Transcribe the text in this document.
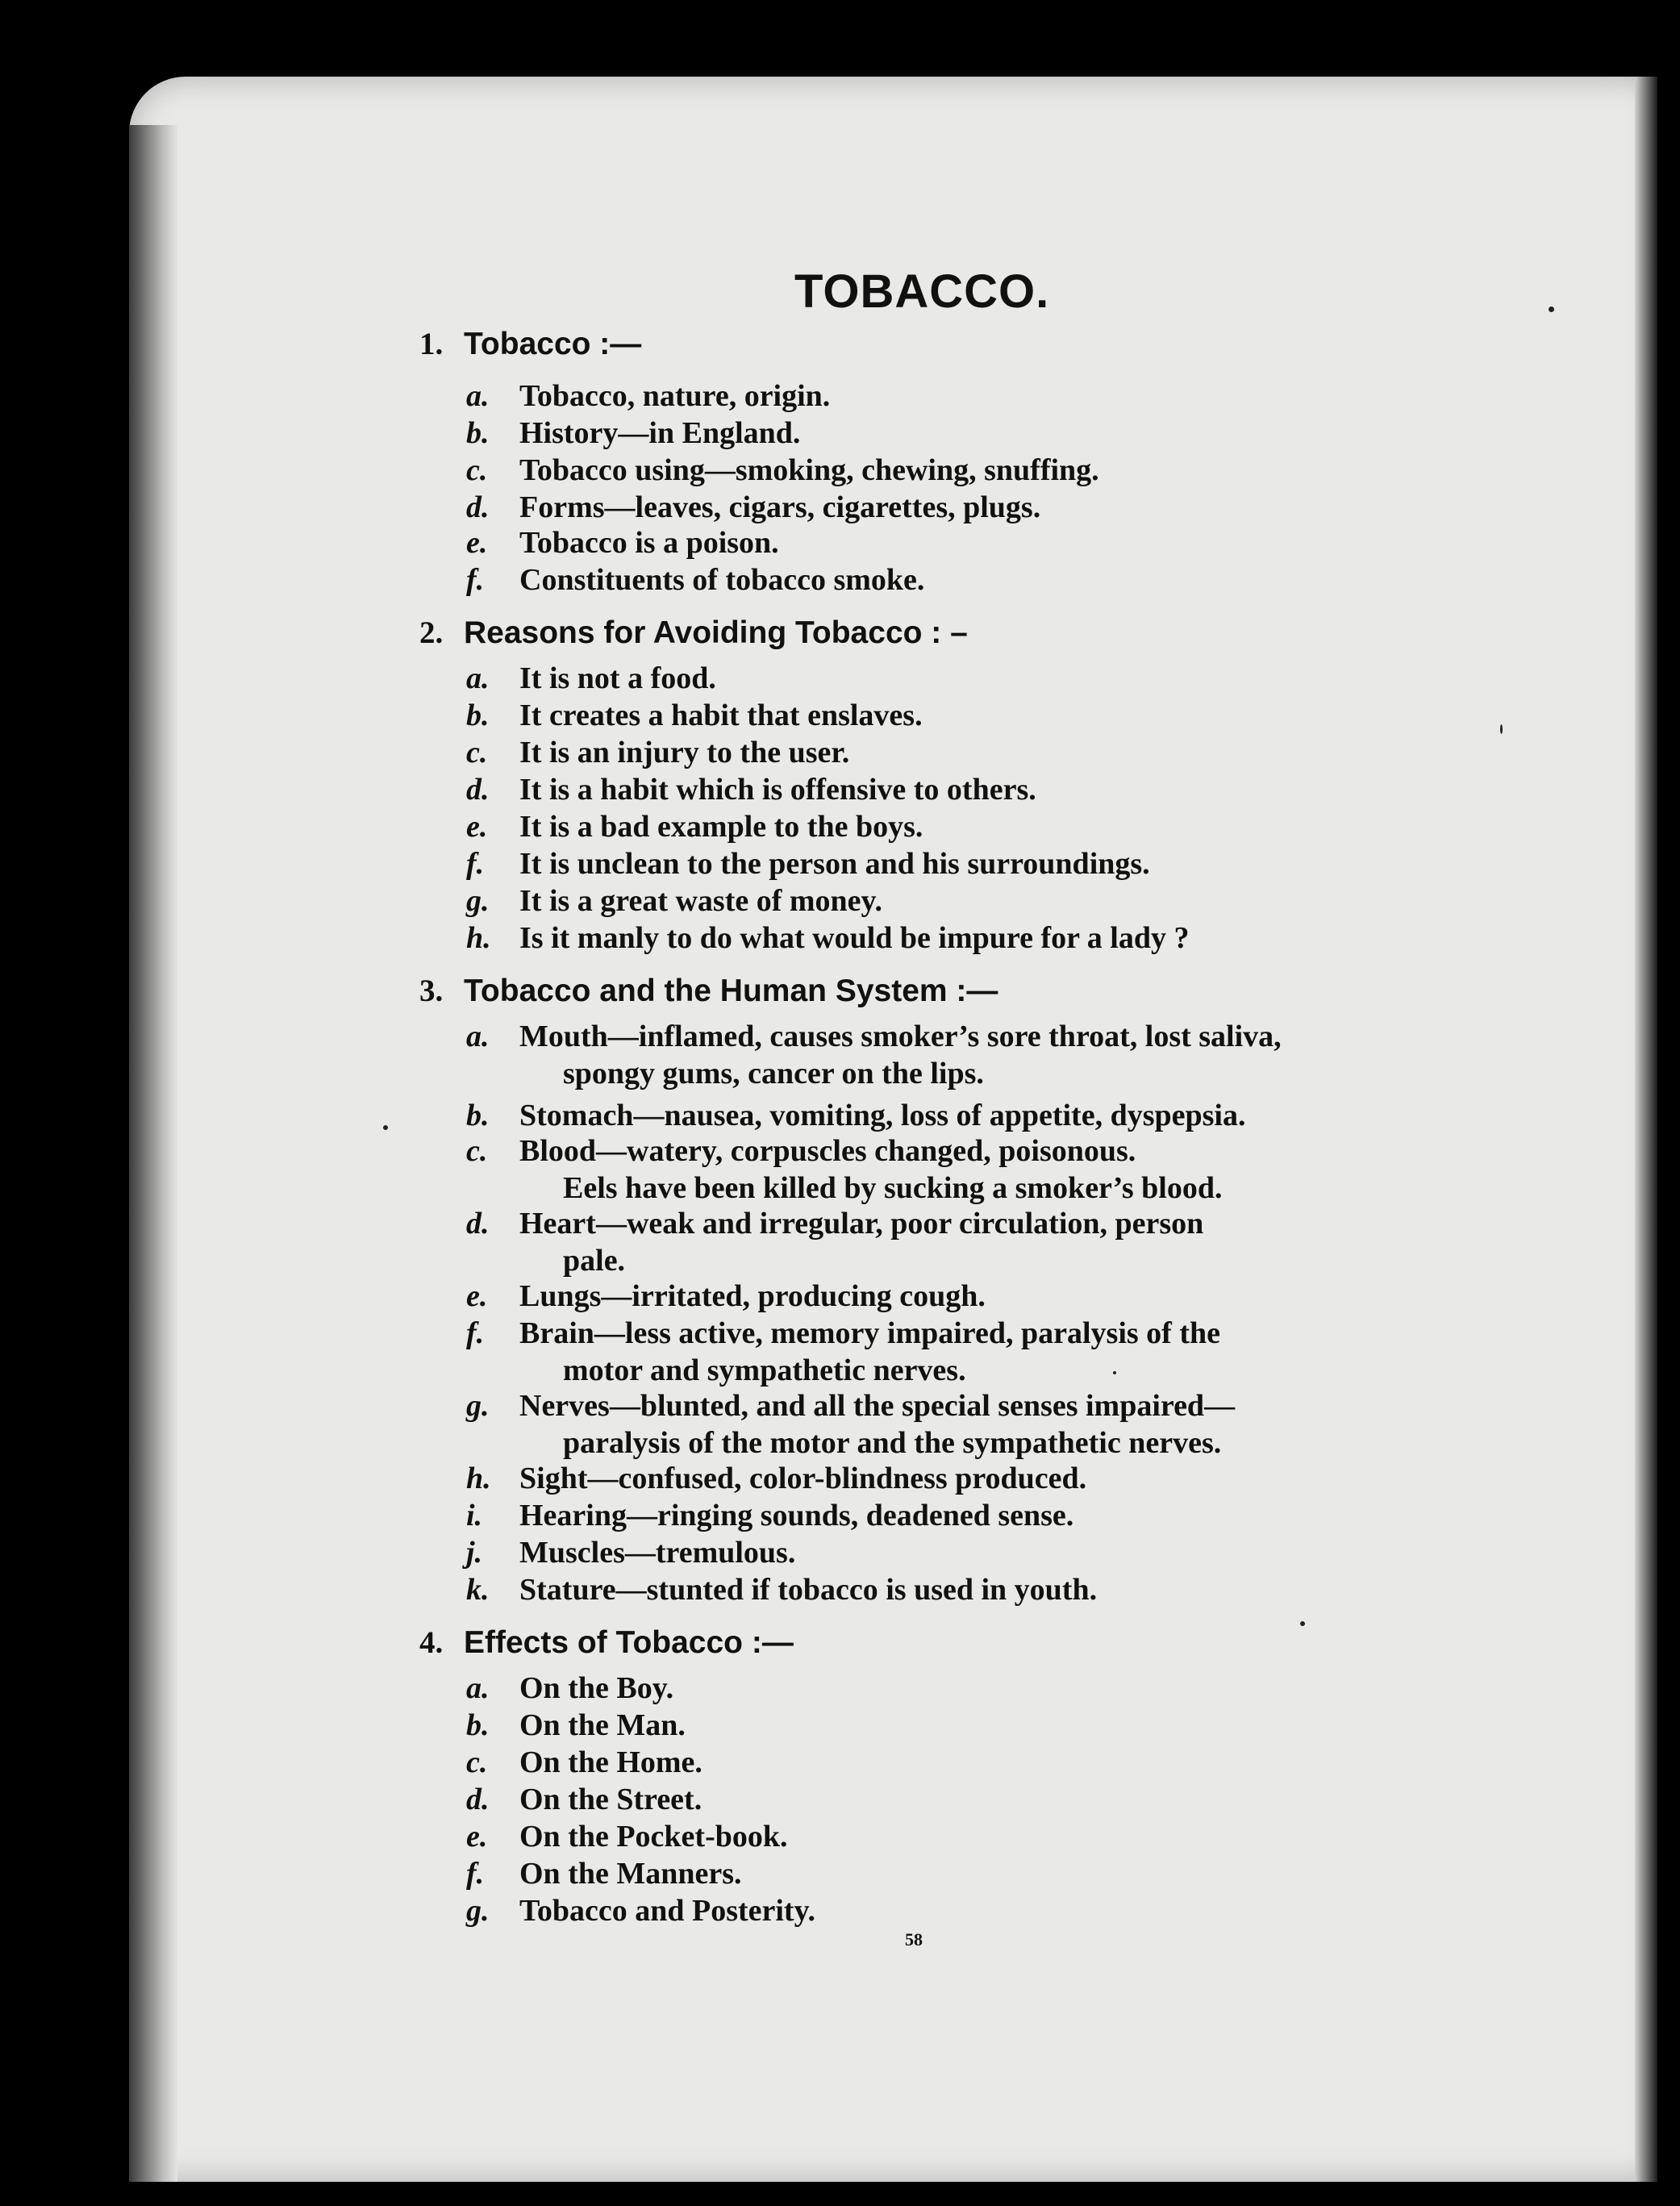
TOBACCO.
1. Tobacco :—
a. Tobacco, nature, origin.
b. History—in England.
c. Tobacco using—smoking, chewing, snuffing.
d. Forms—leaves, cigars, cigarettes, plugs.
e. Tobacco is a poison.
f. Constituents of tobacco smoke.
2. Reasons for Avoiding Tobacco : –
a. It is not a food.
b. It creates a habit that enslaves.
c. It is an injury to the user.
d. It is a habit which is offensive to others.
e. It is a bad example to the boys.
f. It is unclean to the person and his surroundings.
g. It is a great waste of money.
h. Is it manly to do what would be impure for a lady ?
3. Tobacco and the Human System :—
a. Mouth—inflamed, causes smoker’s sore throat, lost saliva,
spongy gums, cancer on the lips.
b. Stomach—nausea, vomiting, loss of appetite, dyspepsia.
c. Blood—watery, corpuscles changed, poisonous.
Eels have been killed by sucking a smoker’s blood.
d. Heart—weak and irregular, poor circulation, person
pale.
e. Lungs—irritated, producing cough.
f. Brain—less active, memory impaired, paralysis of the
motor and sympathetic nerves.
g. Nerves—blunted, and all the special senses impaired—
paralysis of the motor and the sympathetic nerves.
h. Sight—confused, color-blindness produced.
i. Hearing—ringing sounds, deadened sense.
j. Muscles—tremulous.
k. Stature—stunted if tobacco is used in youth.
4. Effects of Tobacco :—
a. On the Boy.
b. On the Man.
c. On the Home.
d. On the Street.
e. On the Pocket-book.
f. On the Manners.
g. Tobacco and Posterity.
58
